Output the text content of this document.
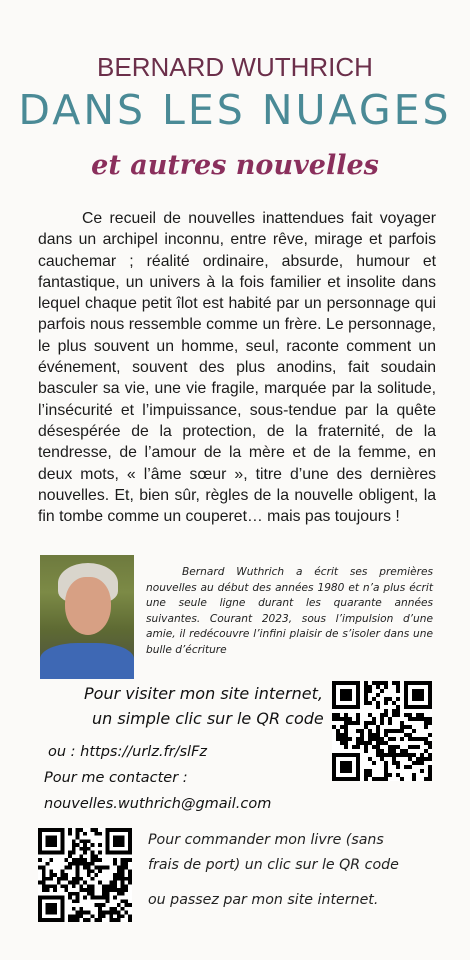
BERNARD WUTHRICH
DANS LES NUAGES
et autres nouvelles
Ce recueil de nouvelles inattendues fait voyager dans un archipel inconnu, entre rêve, mirage et parfois cauchemar ; réalité ordinaire, absurde, humour et fantastique, un univers à la fois familier et insolite dans lequel chaque petit îlot est habité par un personnage qui parfois nous ressemble comme un frère. Le personnage, le plus souvent un homme, seul, raconte comment un événement, souvent des plus anodins, fait soudain basculer sa vie, une vie fragile, marquée par la solitude, l’insécurité et l’impuissance, sous-tendue par la quête désespérée de la protection, de la fraternité, de la tendresse, de l’amour de la mère et de la femme, en deux mots, « l’âme sœur », titre d’une des dernières nouvelles. Et, bien sûr, règles de la nouvelle obligent, la fin tombe comme un couperet… mais pas toujours !
Bernard Wuthrich a écrit ses premières nouvelles au début des années 1980 et n’a plus écrit une seule ligne durant les quarante années suivantes. Courant 2023, sous l’impulsion d’une amie, il redécouvre l’infini plaisir de s’isoler dans une bulle d’écriture
Pour visiter mon site internet,
un simple clic sur le QR code
ou : https://urlz.fr/slFz
Pour me contacter :
nouvelles.wuthrich@gmail.com
Pour commander mon livre (sans
frais de port) un clic sur le QR code
ou passez par mon site internet.
